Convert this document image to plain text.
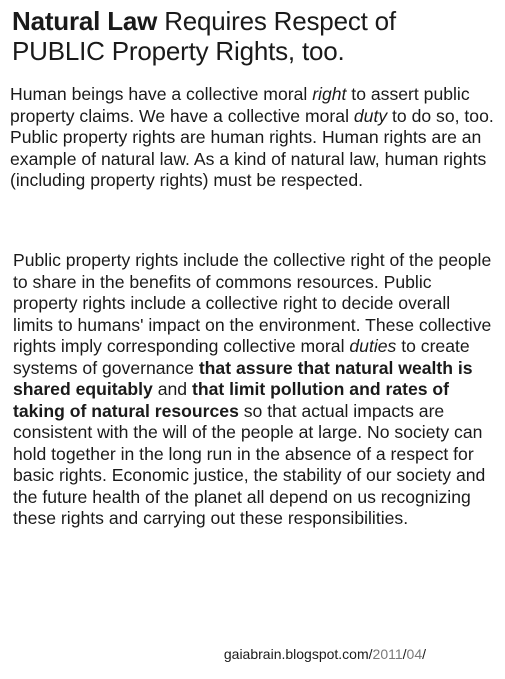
Natural Law Requires Respect of
PUBLIC Property Rights, too.
Human beings have a collective moral right to assert public property claims. We have a collective moral duty to do so, too. Public property rights are human rights. Human rights are an example of natural law. As a kind of natural law, human rights (including property rights) must be respected.
Public property rights include the collective right of the people to share in the benefits of commons resources. Public property rights include a collective right to decide overall limits to humans' impact on the environment. These collective rights imply corresponding collective moral duties to create systems of governance that assure that natural wealth is shared equitably and that limit pollution and rates of taking of natural resources so that actual impacts are consistent with the will of the people at large. No society can hold together in the long run in the absence of a respect for basic rights. Economic justice, the stability of our society and the future health of the planet all depend on us recognizing these rights and carrying out these responsibilities.
gaiabrain.blogspot.com/2011/04/
